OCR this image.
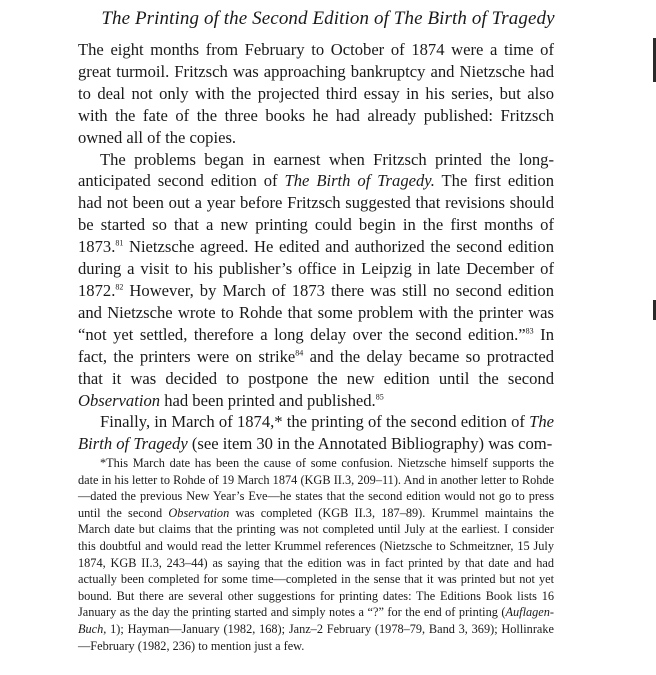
The Printing of the Second Edition of The Birth of Tragedy

The eight months from February to October of 1874 were a time of great turmoil. Fritzsch was approaching bankruptcy and Nietzsche had to deal not only with the projected third essay in his series, but also with the fate of the three books he had already published: Fritzsch owned all of the copies.

The problems began in earnest when Fritzsch printed the long-anticipated second edition of The Birth of Tragedy. The first edition had not been out a year before Fritzsch suggested that revisions should be started so that a new printing could begin in the first months of 1873.81 Nietzsche agreed. He edited and authorized the second edition during a visit to his publisher’s office in Leipzig in late December of 1872.82 However, by March of 1873 there was still no second edition and Nietzsche wrote to Rohde that some problem with the printer was “not yet settled, therefore a long delay over the second edition.”$^{83}$ In fact, the printers were on strike$^{84}$ and the delay became so protracted that it was decided to postpone the new edition until the second Observation had been printed and published.$^{85}$

Finally, in March of 1874,* the printing of the second edition of The Birth of Tragedy (see item 30 in the Annotated Bibliography) was com-

*This March date has been the cause of some confusion. Nietzsche himself supports the date in his letter to Rohde of 19 March 1874 (KGB II.3, 209–11). And in another letter to Rohde—dated the previous New Year’s Eve—he states that the second edition would not go to press until the second Observation was completed (KGB II.3, 187–89). Krummel maintains the March date but claims that the printing was not completed until July at the earliest. I consider this doubtful and would read the letter Krummel references (Nietzsche to Schmeitzner, 15 July 1874, KGB II.3, 243–44) as saying that the edition was in fact printed by that date and had actually been completed for some time—completed in the sense that it was printed but not yet bound. But there are several other suggestions for printing dates: The Editions Book lists 16 January as the day the printing started and simply notes a “?” for the end of printing (Auflagen-Buch, 1); Hayman—January (1982, 168); Janz–2 February (1978–79, Band 3, 369); Hollinrake—February (1982, 236) to mention just a few.
